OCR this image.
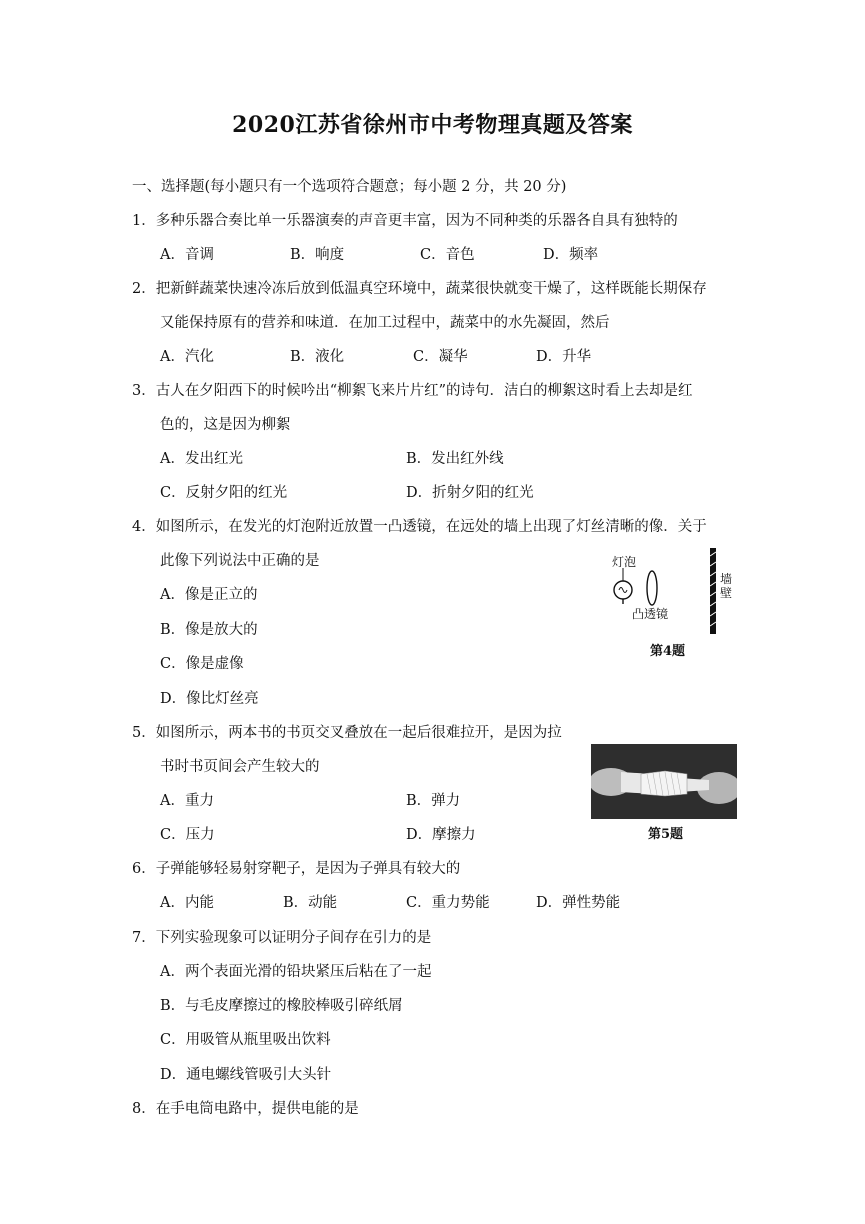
2020江苏省徐州市中考物理真题及答案
一、选择题(每小题只有一个选项符合题意；每小题 2 分，共 20 分)
1．多种乐器合奏比单一乐器演奏的声音更丰富，因为不同种类的乐器各自具有独特的
A．音调	B．响度	C．音色	D．频率
2．把新鲜蔬菜快速冷冻后放到低温真空环境中，蔬菜很快就变干燥了，这样既能长期保存
又能保持原有的营养和味道．在加工过程中，蔬菜中的水先凝固，然后
A．汽化	B．液化	C．凝华	D．升华
3．古人在夕阳西下的时候吟出“柳絮飞来片片红”的诗句．洁白的柳絮这时看上去却是红
色的，这是因为柳絮
A．发出红光	B．发出红外线
C．反射夕阳的红光	D．折射夕阳的红光
4．如图所示，在发光的灯泡附近放置一凸透镜，在远处的墙上出现了灯丝清晰的像．关于
此像下列说法中正确的是
A．像是正立的
B．像是放大的
C．像是虚像
D．像比灯丝亮
灯泡
凸透镜
墙壁
第4题
5．如图所示，两本书的书页交叉叠放在一起后很难拉开，是因为拉
书时书页间会产生较大的
A．重力	B．弹力
C．压力	D．摩擦力	第5题
6．子弹能够轻易射穿靶子，是因为子弹具有较大的
A．内能	B．动能	C．重力势能	D．弹性势能
7．下列实验现象可以证明分子间存在引力的是
A．两个表面光滑的铅块紧压后粘在了一起
B．与毛皮摩擦过的橡胶棒吸引碎纸屑
C．用吸管从瓶里吸出饮料
D．通电螺线管吸引大头针
8．在手电筒电路中，提供电能的是
